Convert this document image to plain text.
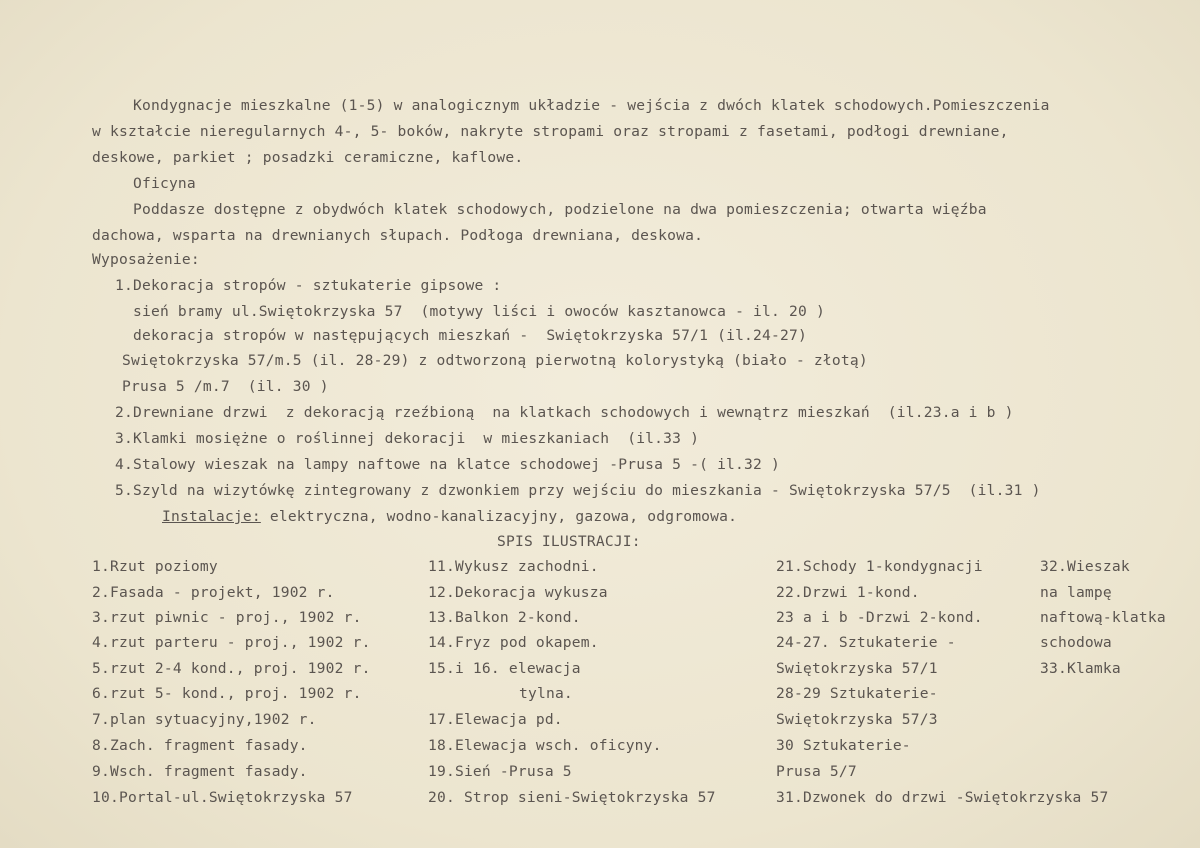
Kondygnacje mieszkalne (1-5) w analogicznym układzie - wejścia z dwóch klatek schodowych.Pomieszczenia
w kształcie nieregularnych 4-, 5- boków, nakryte stropami oraz stropami z fasetami, podłogi drewniane,
deskowe, parkiet ; posadzki ceramiczne, kaflowe.
Oficyna
Poddasze dostępne z obydwóch klatek schodowych, podzielone na dwa pomieszczenia; otwarta więźba
dachowa, wsparta na drewnianych słupach. Podłoga drewniana, deskowa.
Wyposażenie:
1.Dekoracja stropów - sztukaterie gipsowe :
sień bramy ul.Swiętokrzyska 57  (motywy liści i owoców kasztanowca - il. 20 )
dekoracja stropów w następujących mieszkań -  Swiętokrzyska 57/1 (il.24-27)
Swiętokrzyska 57/m.5 (il. 28-29) z odtworzoną pierwotną kolorystyką (biało - złotą)
Prusa 5 /m.7  (il. 30 )
2.Drewniane drzwi  z dekoracją rzeźbioną  na klatkach schodowych i wewnątrz mieszkań  (il.23.a i b )
3.Klamki mosiężne o roślinnej dekoracji  w mieszkaniach  (il.33 )
4.Stalowy wieszak na lampy naftowe na klatce schodowej -Prusa 5 -( il.32 )
5.Szyld na wizytówkę zintegrowany z dzwonkiem przy wejściu do mieszkania - Swiętokrzyska 57/5  (il.31 )
Instalacje: elektryczna, wodno-kanalizacyjny, gazowa, odgromowa.
SPIS ILUSTRACJI:
1.Rzut poziomy
2.Fasada - projekt, 1902 r.
3.rzut piwnic - proj., 1902 r.
4.rzut parteru - proj., 1902 r.
5.rzut 2-4 kond., proj. 1902 r.
6.rzut 5- kond., proj. 1902 r.
7.plan sytuacyjny,1902 r.
8.Zach. fragment fasady.
9.Wsch. fragment fasady.
10.Portal-ul.Swiętokrzyska 57
11.Wykusz zachodni.
12.Dekoracja wykusza
13.Balkon 2-kond.
14.Fryz pod okapem.
15.i 16. elewacja
tylna.
17.Elewacja pd.
18.Elewacja wsch. oficyny.
19.Sień -Prusa 5
20. Strop sieni-Swiętokrzyska 57
21.Schody 1-kondygnacji
22.Drzwi 1-kond.
23 a i b -Drzwi 2-kond.
24-27. Sztukaterie -
Swiętokrzyska 57/1
28-29 Sztukaterie-
Swiętokrzyska 57/3
30 Sztukaterie-
Prusa 5/7
31.Dzwonek do drzwi -Swiętokrzyska 57
32.Wieszak
na lampę
naftową-klatka
schodowa
33.Klamka
